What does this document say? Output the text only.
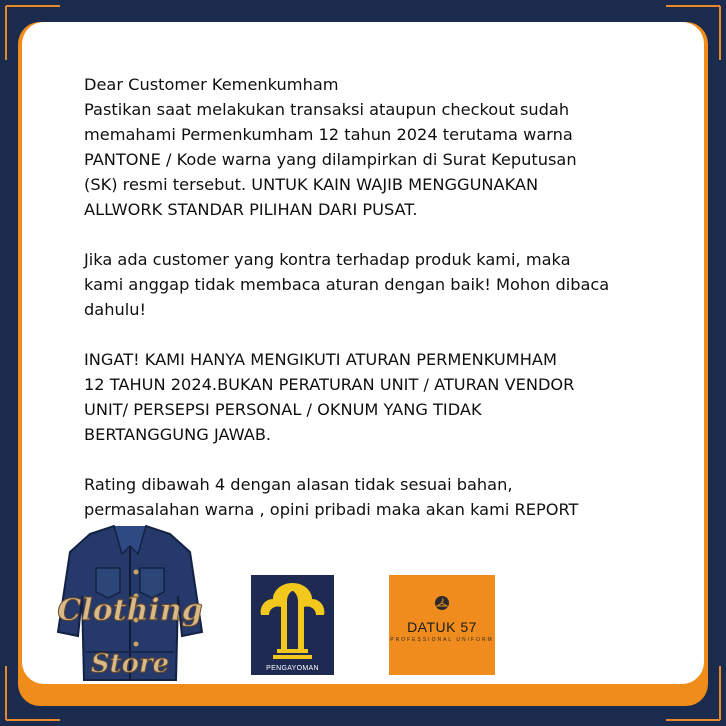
Dear Customer Kemenkumham
Pastikan saat melakukan transaksi ataupun checkout sudah
memahami Permenkumham 12 tahun 2024 terutama warna
PANTONE / Kode warna yang dilampirkan di Surat Keputusan
(SK) resmi tersebut. UNTUK KAIN WAJIB MENGGUNAKAN
ALLWORK STANDAR PILIHAN DARI PUSAT.

Jika ada customer yang kontra terhadap produk kami, maka
kami anggap tidak membaca aturan dengan baik! Mohon dibaca
dahulu!

INGAT! KAMI HANYA MENGIKUTI ATURAN PERMENKUMHAM
12 TAHUN 2024.BUKAN PERATURAN UNIT / ATURAN VENDOR
UNIT/ PERSEPSI PERSONAL / OKNUM YANG TIDAK
BERTANGGUNG JAWAB.

Rating dibawah 4 dengan alasan tidak sesuai bahan,
permasalahan warna , opini pribadi maka akan kami REPORT

Clothing
Store	PENGAYOMAN
DATUK 57
PROFESSIONAL UNIFORM
